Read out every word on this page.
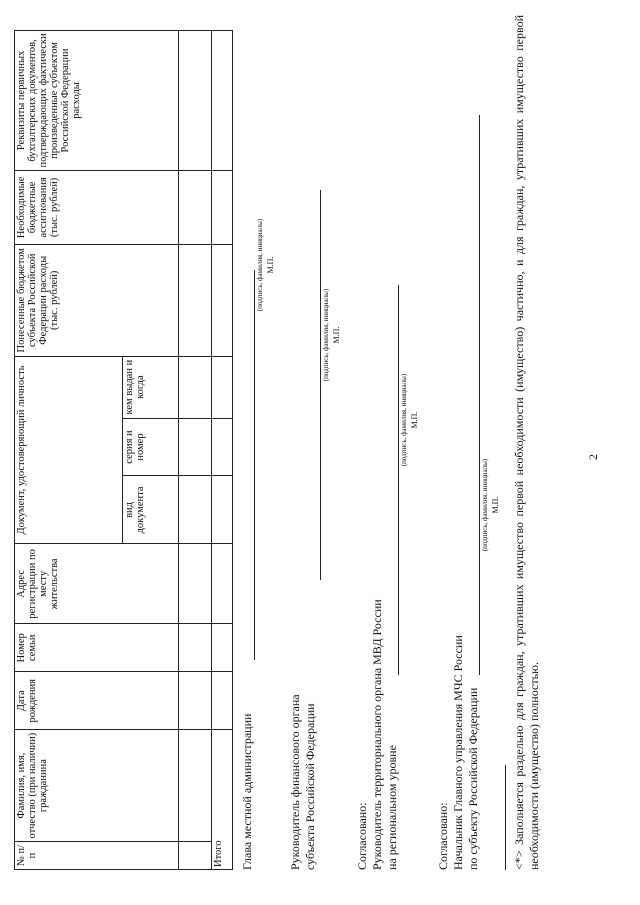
2
№ п/п	Фамилия, имя, отчество (при наличии) гражданина	Дата рождения	Номер семьи	Адрес регистрации по месту жительства	Документ, удостоверяющий личность			Понесенные бюджетом субъекта Российской Федерации расходы (тыс. рублей)	Необходимые бюджетные ассигнования (тыс. рублей)	Реквизиты первичных бухгалтерских документов, подтверждающих фактически произведенные субъектом Российской Федерации расходы
					вид документа	серия и номер	кем выдан и когда			

Итого										Глава местной администрации
(подпись, фамилия, инициалы) М.П.
Руководитель финансового органа субъекта Российской Федерации
(подпись, фамилия, инициалы) М.П.
Согласовано: Руководитель территориального органа МВД России на региональном уровне
(подпись, фамилия, инициалы) М.П.
Согласовано: Начальник Главного управления МЧС России по субъекту Российской Федерации
(подпись, фамилия, инициалы) М.П. <*> Заполняется раздельно для граждан, утративших имущество первой необходимости (имущество) частично, и для граждан, утративших имущество первой необходимости (имущество) полностью.
